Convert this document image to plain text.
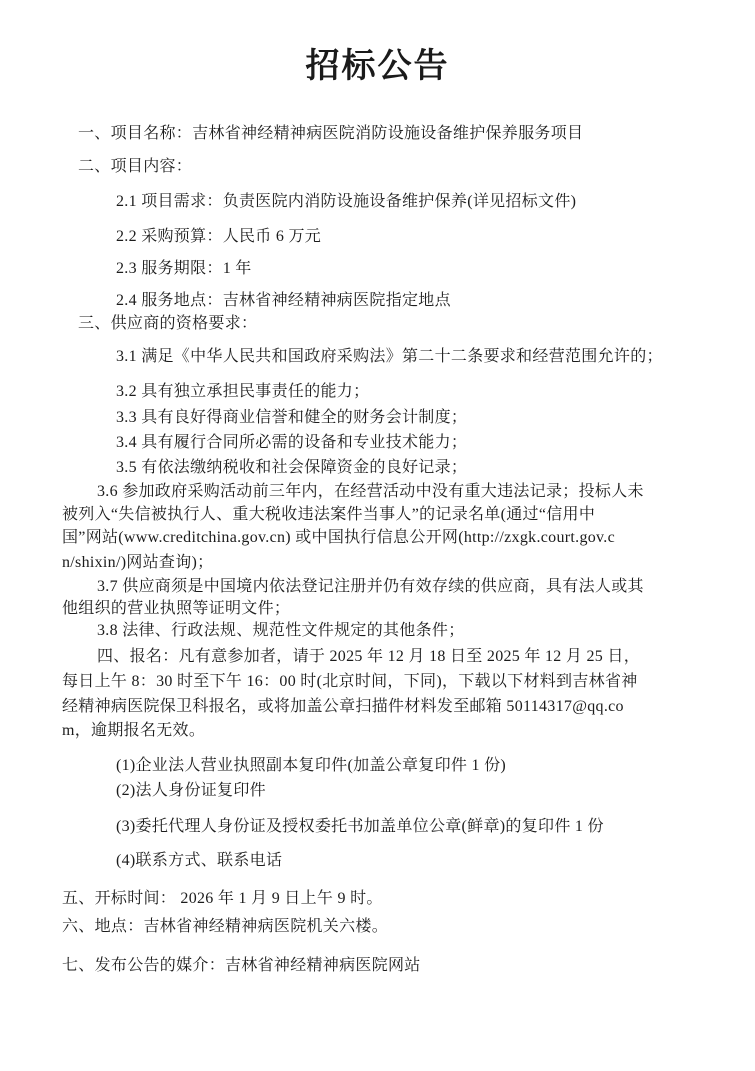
招标公告
一、项目名称：吉林省神经精神病医院消防设施设备维护保养服务项目
二、项目内容：
2.1 项目需求：负责医院内消防设施设备维护保养(详见招标文件)
2.2 采购预算：人民币 6 万元
2.3 服务期限：1 年
2.4 服务地点：吉林省神经精神病医院指定地点
三、供应商的资格要求：
3.1 满足《中华人民共和国政府采购法》第二十二条要求和经营范围允许的；
3.2 具有独立承担民事责任的能力；
3.3 具有良好得商业信誉和健全的财务会计制度；
3.4 具有履行合同所必需的设备和专业技术能力；
3.5 有依法缴纳税收和社会保障资金的良好记录；
3.6 参加政府采购活动前三年内，在经营活动中没有重大违法记录；投标人未
被列入“失信被执行人、重大税收违法案件当事人”的记录名单(通过“信用中
国”网站(www.creditchina.gov.cn) 或中国执行信息公开网(http://zxgk.court.gov.c
n/shixin/)网站查询)；
3.7 供应商须是中国境内依法登记注册并仍有效存续的供应商，具有法人或其
他组织的营业执照等证明文件；
3.8 法律、行政法规、规范性文件规定的其他条件；
四、报名：凡有意参加者，请于 2025 年 12 月 18 日至 2025 年 12 月 25 日，
每日上午 8：30 时至下午 16：00 时(北京时间，下同)，下载以下材料到吉林省神
经精神病医院保卫科报名，或将加盖公章扫描件材料发至邮箱 50114317@qq.co
m，逾期报名无效。
(1)企业法人营业执照副本复印件(加盖公章复印件 1 份)
(2)法人身份证复印件
(3)委托代理人身份证及授权委托书加盖单位公章(鲜章)的复印件 1 份
(4)联系方式、联系电话
五、开标时间： 2026 年 1 月 9 日上午 9 时。
六、地点：吉林省神经精神病医院机关六楼。
七、发布公告的媒介：吉林省神经精神病医院网站
